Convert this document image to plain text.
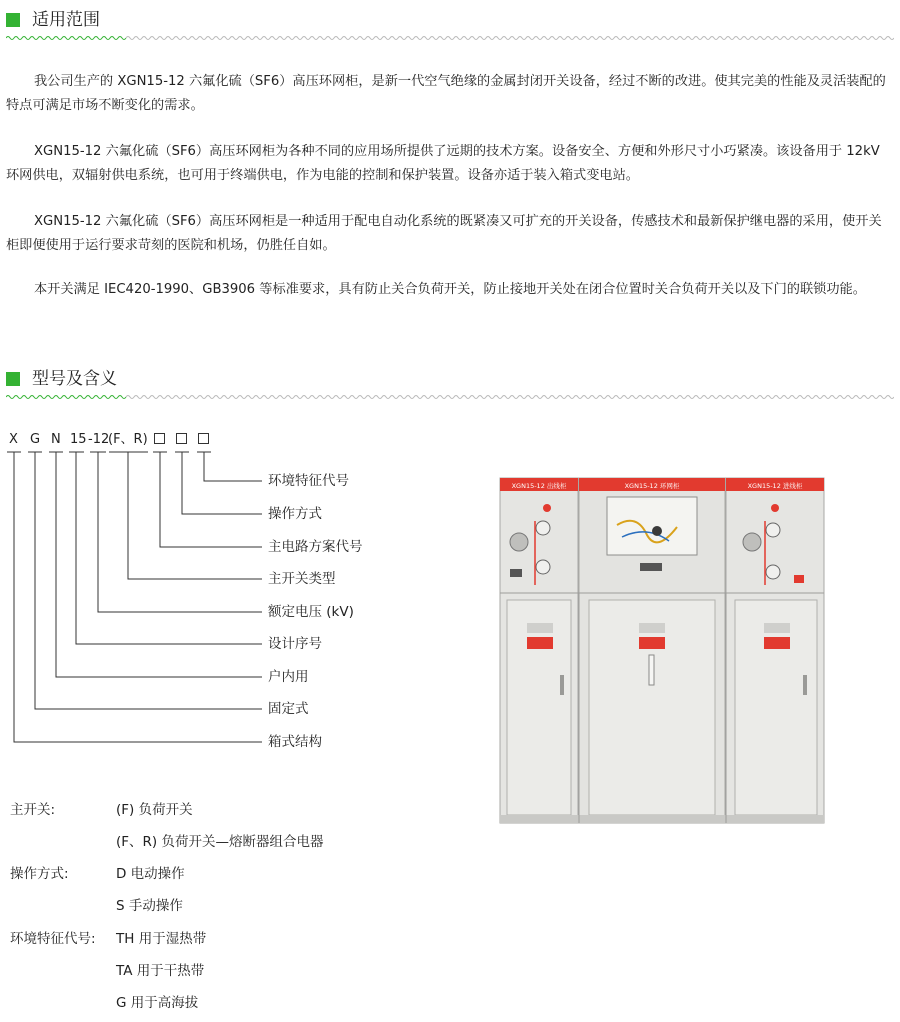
适用范围

我公司生产的 XGN15-12 六氟化硫（SF6）高压环网柜，是新一代空气绝缘的金属封闭开关设备，经过不断的改进。使其完美的性能及灵活装配的特点可满足市场不断变化的需求。

XGN15-12 六氟化硫（SF6）高压环网柜为各种不同的应用场所提供了远期的技术方案。设备安全、方便和外形尺寸小巧紧凑。该设备用于 12kV 环网供电，双辐射供电系统，也可用于终端供电，作为电能的控制和保护装置。设备亦适于装入箱式变电站。

XGN15-12 六氟化硫（SF6）高压环网柜是一种适用于配电自动化系统的既紧凑又可扩充的开关设备，传感技术和最新保护继电器的采用，使开关柜即便使用于运行要求苛刻的医院和机场，仍胜任自如。

本开关满足 IEC420-1990、GB3906 等标准要求，具有防止关合负荷开关，防止接地开关处在闭合位置时关合负荷开关以及下门的联锁功能。

型号及含义
X G N 15 -12
(F、R)
环境特征代号
操作方式
主电路方案代号
主开关类型
额定电压 (kV)
设计序号
户内用
固定式
箱式结构
主开关:	(F) 负荷开关
(F、R) 负荷开关—熔断器组合电器
操作方式:	D 电动操作
S 手动操作
环境特征代号: TH 用于湿热带
TA 用于干热带
G 用于高海拔
XGN15-12 出线柜	XGN15-12 环网柜	XGN15-12 进线柜
